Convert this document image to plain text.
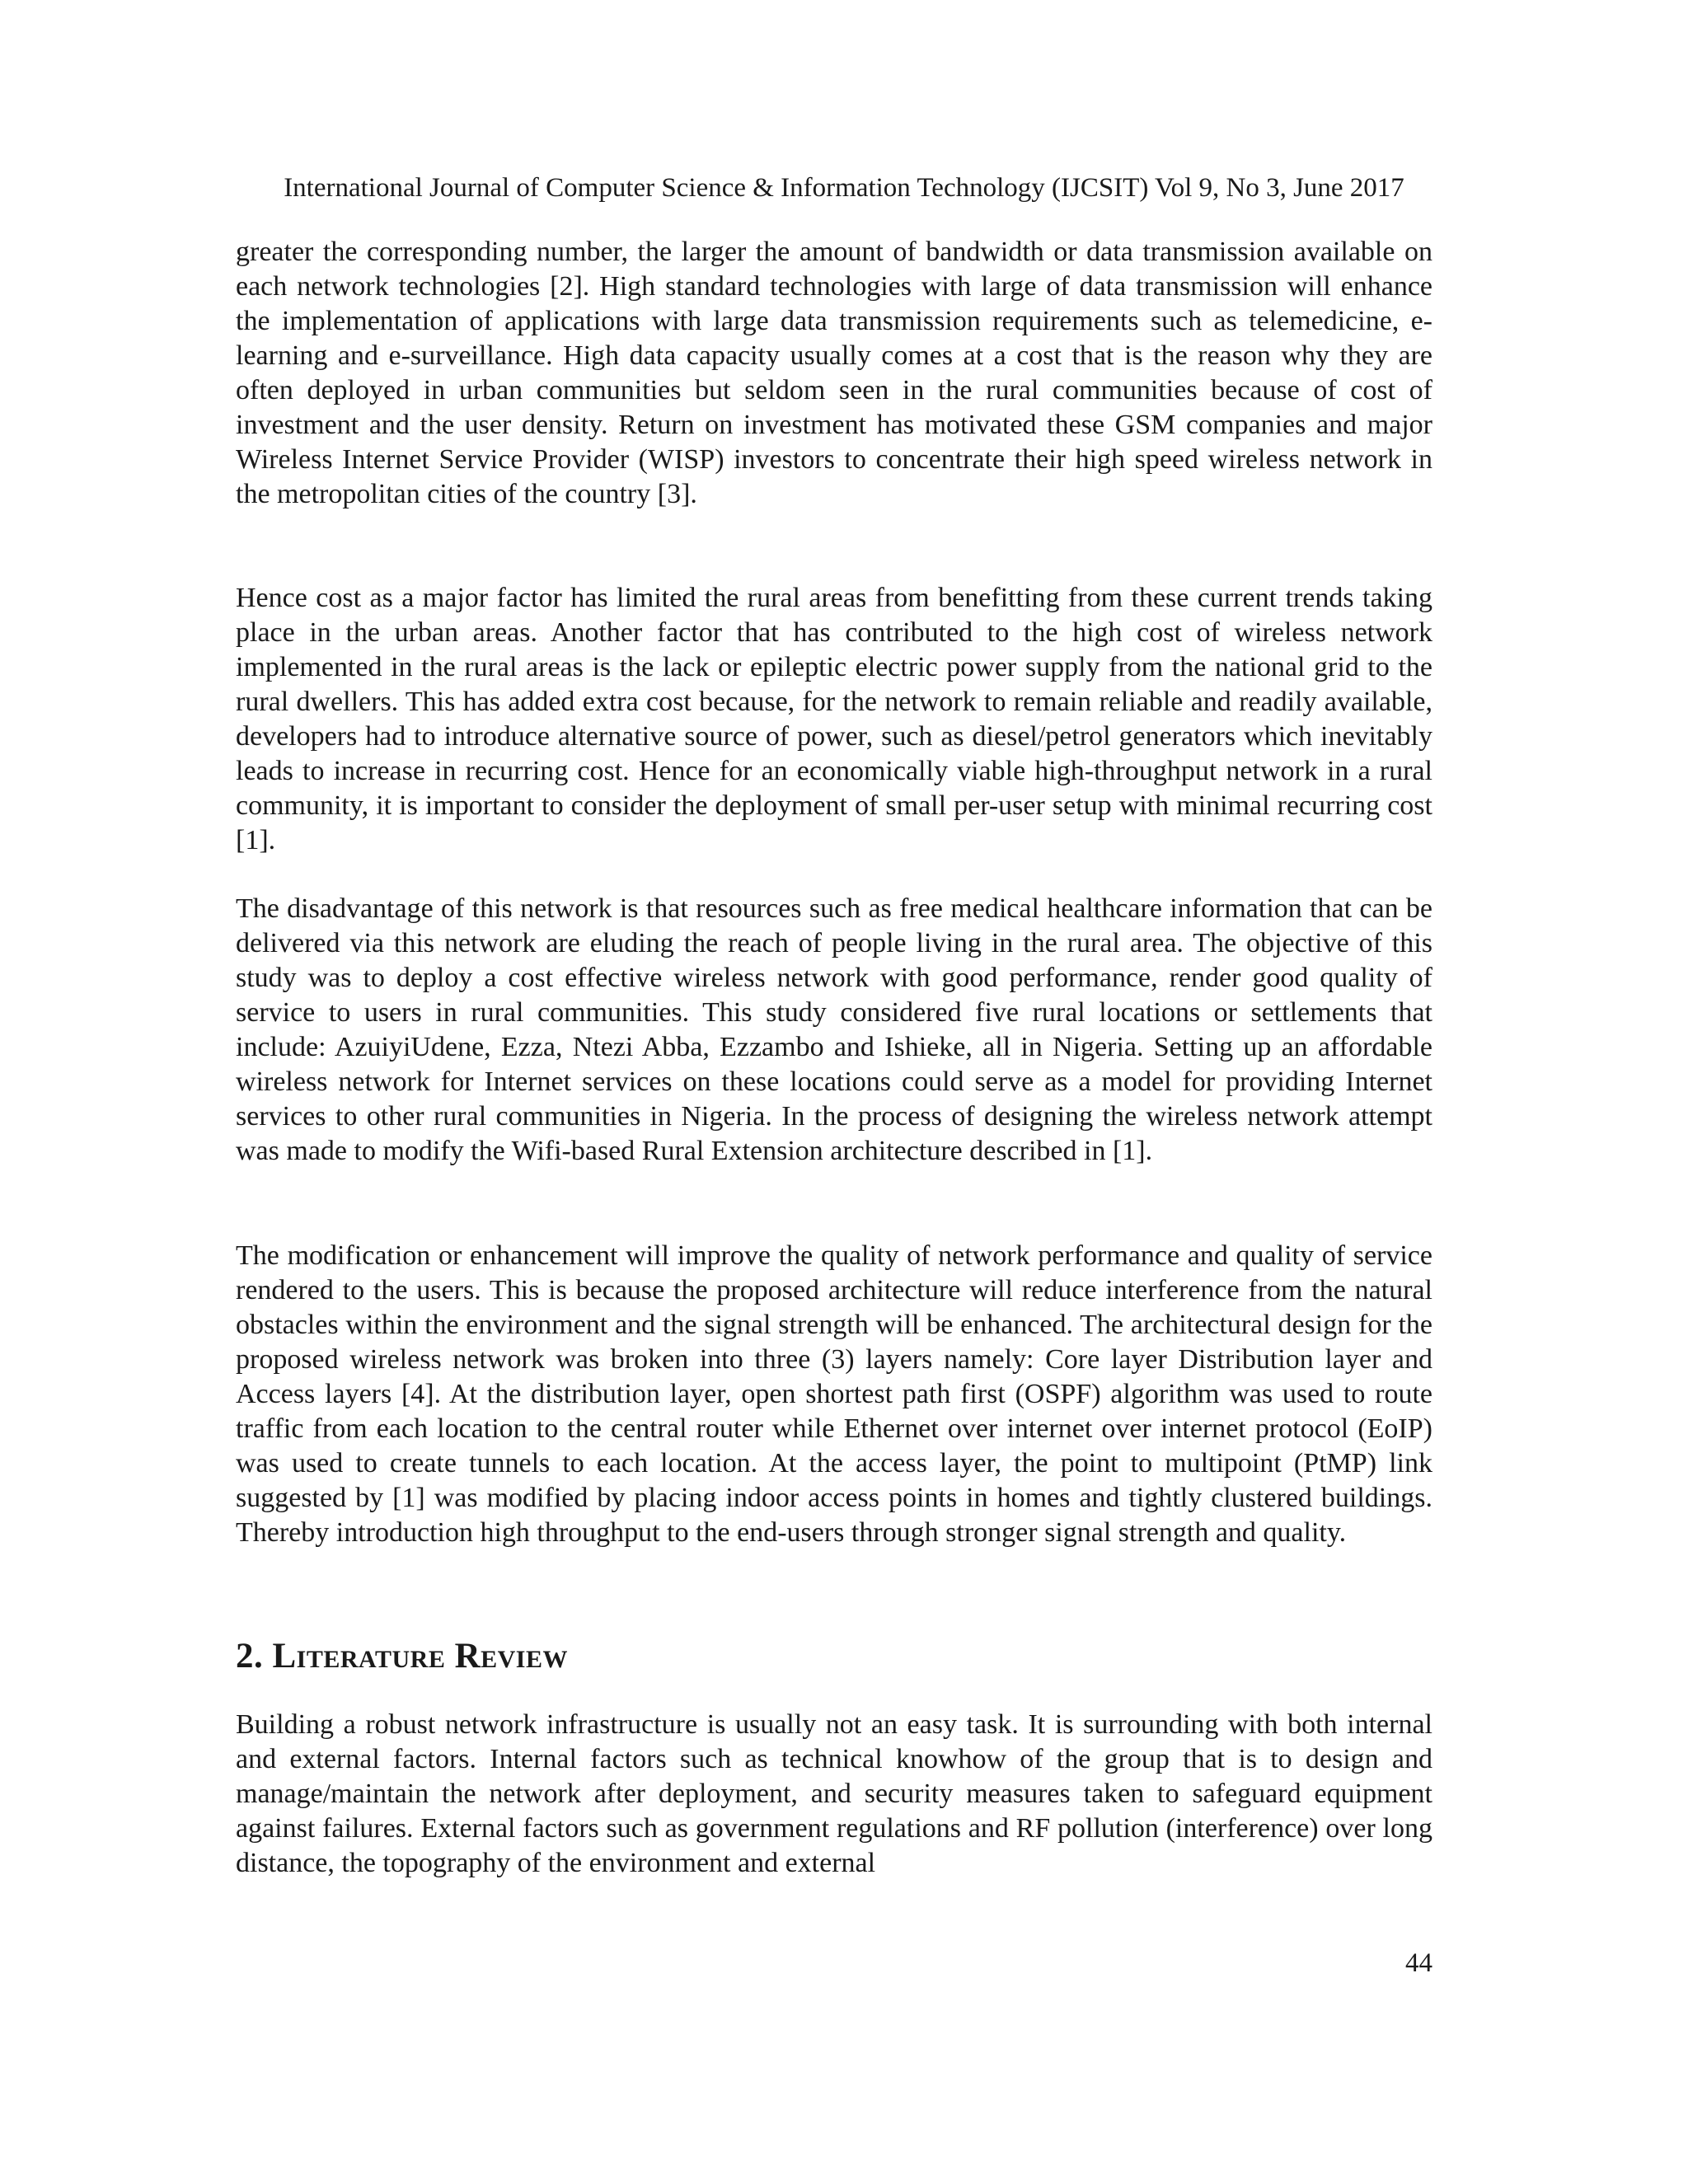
International Journal of Computer Science & Information Technology (IJCSIT) Vol 9, No 3, June 2017

greater the corresponding number, the larger the amount of bandwidth or data transmission available on each network technologies [2]. High standard technologies with large of data transmission will enhance the implementation of applications with large data transmission requirements such as telemedicine, e-learning and e-surveillance. High data capacity usually comes at a cost that is the reason why they are often deployed in urban communities but seldom seen in the rural communities because of cost of investment and the user density. Return on investment has motivated these GSM companies and major Wireless Internet Service Provider (WISP) investors to concentrate their high speed wireless network in the metropolitan cities of the country [3].

Hence cost as a major factor has limited the rural areas from benefitting from these current trends taking place in the urban areas. Another factor that has contributed to the high cost of wireless network implemented in the rural areas is the lack or epileptic electric power supply from the national grid to the rural dwellers. This has added extra cost because, for the network to remain reliable and readily available, developers had to introduce alternative source of power, such as diesel/petrol generators which inevitably leads to increase in recurring cost. Hence for an economically viable high-throughput network in a rural community, it is important to consider the deployment of small per-user setup with minimal recurring cost [1].

The disadvantage of this network is that resources such as free medical healthcare information that can be delivered via this network are eluding the reach of people living in the rural area. The objective of this study was to deploy a cost effective wireless network with good performance, render good quality of service to users in rural communities. This study considered five rural locations or settlements that include: AzuiyiUdene, Ezza, Ntezi Abba, Ezzambo and Ishieke, all in Nigeria. Setting up an affordable wireless network for Internet services on these locations could serve as a model for providing Internet services to other rural communities in Nigeria. In the process of designing the wireless network attempt was made to modify the Wifi-based Rural Extension architecture described in [1].

The modification or enhancement will improve the quality of network performance and quality of service rendered to the users. This is because the proposed architecture will reduce interference from the natural obstacles within the environment and the signal strength will be enhanced. The architectural design for the proposed wireless network was broken into three (3) layers namely: Core layer Distribution layer and Access layers [4]. At the distribution layer, open shortest path first (OSPF) algorithm was used to route traffic from each location to the central router while Ethernet over internet over internet protocol (EoIP) was used to create tunnels to each location. At the access layer, the point to multipoint (PtMP) link suggested by [1] was modified by placing indoor access points in homes and tightly clustered buildings. Thereby introduction high throughput to the end-users through stronger signal strength and quality.

2. Literature Review

Building a robust network infrastructure is usually not an easy task. It is surrounding with both internal and external factors. Internal factors such as technical knowhow of the group that is to design and manage/maintain the network after deployment, and security measures taken to safeguard equipment against failures. External factors such as government regulations and RF pollution (interference) over long distance, the topography of the environment and external

44
